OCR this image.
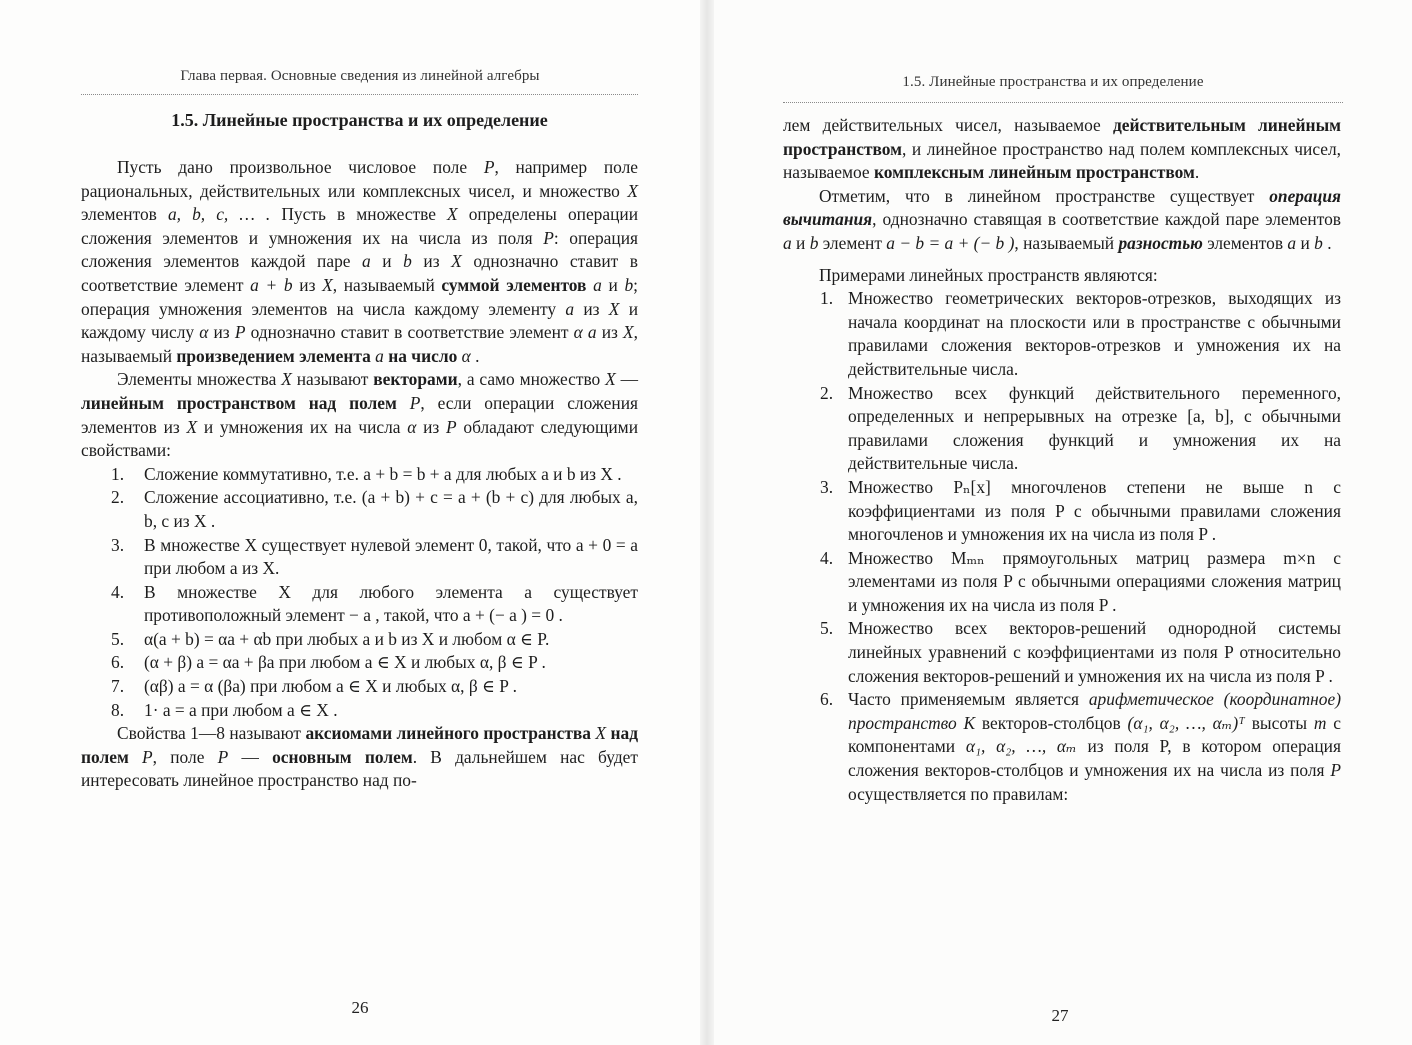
Глава первая. Основные сведения из линейной алгебры
1.5. Линейные пространства и их определение

Пусть дано произвольное числовое поле P, например поле рациональных, действительных или комплексных чисел, и множество X элементов a, b, c, … . Пусть в множестве X определены операции сложения элементов и умножения их на числа из поля P: операция сложения элементов каждой паре a и b из X однозначно ставит в соответствие элемент a + b из X, называемый суммой элементов a и b; операция умножения элементов на числа каждому элементу a из X и каждому числу α из P однозначно ставит в соответствие элемент α a из X, называемый произведением элемента a на число α .

Элементы множества X называют векторами, а само множество X — линейным пространством над полем P, если операции сложения элементов из X и умножения их на числа α из P обладают следующими свойствами:

1. Сложение коммутативно, т.е. a + b = b + a для любых a и b из X .
2. Сложение ассоциативно, т.е. (a + b) + c = a + (b + c) для любых a, b, c из X .
3. В множестве X существует нулевой элемент 0, такой, что a + 0 = a при любом a из X.
4. В множестве X для любого элемента a существует противоположный элемент − a , такой, что a + (− a ) = 0 .
5. α(a + b) = αa + αb при любых a и b из X и любом α ∈ P.
6. (α + β) a = αa + βa при любом a ∈ X и любых α, β ∈ P .
7. (αβ) a = α (βa) при любом a ∈ X и любых α, β ∈ P .
8. 1· a = a при любом a ∈ X .

Свойства 1—8 называют аксиомами линейного пространства X над полем P, поле P — основным полем. В дальнейшем нас будет интересовать линейное пространство над по-

26
1.5. Линейные пространства и их определение

лем действительных чисел, называемое действительным линейным пространством, и линейное пространство над полем комплексных чисел, называемое комплексным линейным пространством.

Отметим, что в линейном пространстве существует операция вычитания, однозначно ставящая в соответствие каждой паре элементов a и b элемент a − b = a + (− b ), называемый разностью элементов a и b .

Примерами линейных пространств являются:

1. Множество геометрических векторов-отрезков, выходящих из начала координат на плоскости или в пространстве с обычными правилами сложения векторов-отрезков и умножения их на действительные числа.
2. Множество всех функций действительного переменного, определенных и непрерывных на отрезке [a, b], с обычными правилами сложения функций и умножения их на действительные числа.
3. Множество Pₙ[x] многочленов степени не выше n с коэффициентами из поля P с обычными правилами сложения многочленов и умножения их на числа из поля P .
4. Множество Mₘₙ прямоугольных матриц размера m×n с элементами из поля P с обычными операциями сложения матриц и умножения их на числа из поля P .
5. Множество всех векторов-решений однородной системы линейных уравнений с коэффициентами из поля P относительно сложения векторов-решений и умножения их на числа из поля P .
6. Часто применяемым является арифметическое (координатное) пространство K векторов-столбцов (α₁, α₂, …, αₘ)ᵀ высоты m с компонентами α₁, α₂, …, αₘ из поля P, в котором операция сложения векторов-столбцов и умножения их на числа из поля P осуществляется по правилам:
27
